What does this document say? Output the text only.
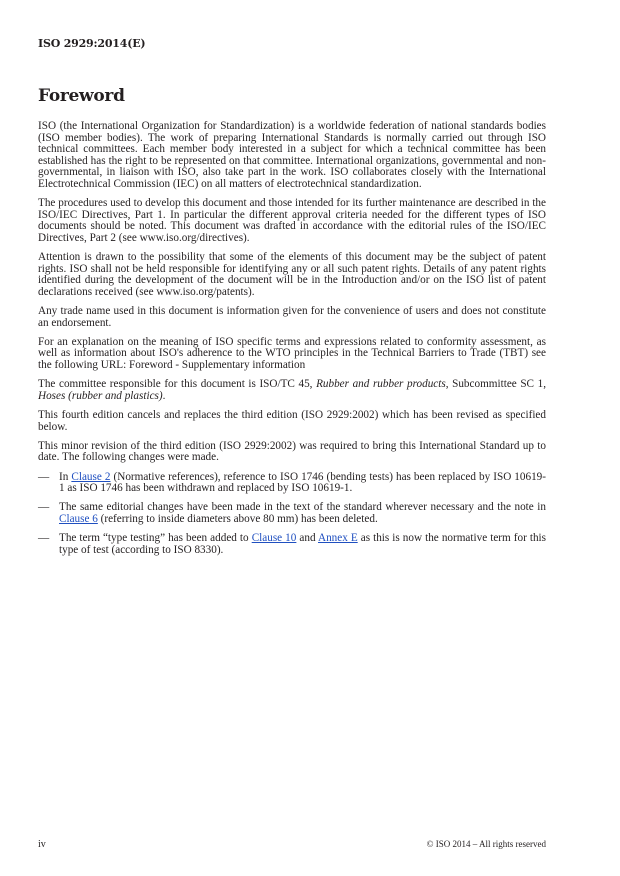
ISO 2929:2014(E)
Foreword

ISO (the International Organization for Standardization) is a worldwide federation of national standards bodies (ISO member bodies). The work of preparing International Standards is normally carried out through ISO technical committees. Each member body interested in a subject for which a technical committee has been established has the right to be represented on that committee. International organizations, governmental and non-governmental, in liaison with ISO, also take part in the work. ISO collaborates closely with the International Electrotechnical Commission (IEC) on all matters of electrotechnical standardization.

The procedures used to develop this document and those intended for its further maintenance are described in the ISO/IEC Directives, Part 1. In particular the different approval criteria needed for the different types of ISO documents should be noted. This document was drafted in accordance with the editorial rules of the ISO/IEC Directives, Part 2 (see www.iso.org/directives).

Attention is drawn to the possibility that some of the elements of this document may be the subject of patent rights. ISO shall not be held responsible for identifying any or all such patent rights. Details of any patent rights identified during the development of the document will be in the Introduction and/or on the ISO list of patent declarations received (see www.iso.org/patents).

Any trade name used in this document is information given for the convenience of users and does not constitute an endorsement.

For an explanation on the meaning of ISO specific terms and expressions related to conformity assessment, as well as information about ISO's adherence to the WTO principles in the Technical Barriers to Trade (TBT) see the following URL: Foreword - Supplementary information

The committee responsible for this document is ISO/TC 45, Rubber and rubber products, Subcommittee SC 1, Hoses (rubber and plastics).

This fourth edition cancels and replaces the third edition (ISO 2929:2002) which has been revised as specified below.

This minor revision of the third edition (ISO 2929:2002) was required to bring this International Standard up to date. The following changes were made.

— In Clause 2 (Normative references), reference to ISO 1746 (bending tests) has been replaced by ISO 10619-1 as ISO 1746 has been withdrawn and replaced by ISO 10619-1.
— The same editorial changes have been made in the text of the standard wherever necessary and the note in Clause 6 (referring to inside diameters above 80 mm) has been deleted.
— The term “type testing” has been added to Clause 10 and Annex E as this is now the normative term for this type of test (according to ISO 8330).
iv	© ISO 2014 – All rights reserved
